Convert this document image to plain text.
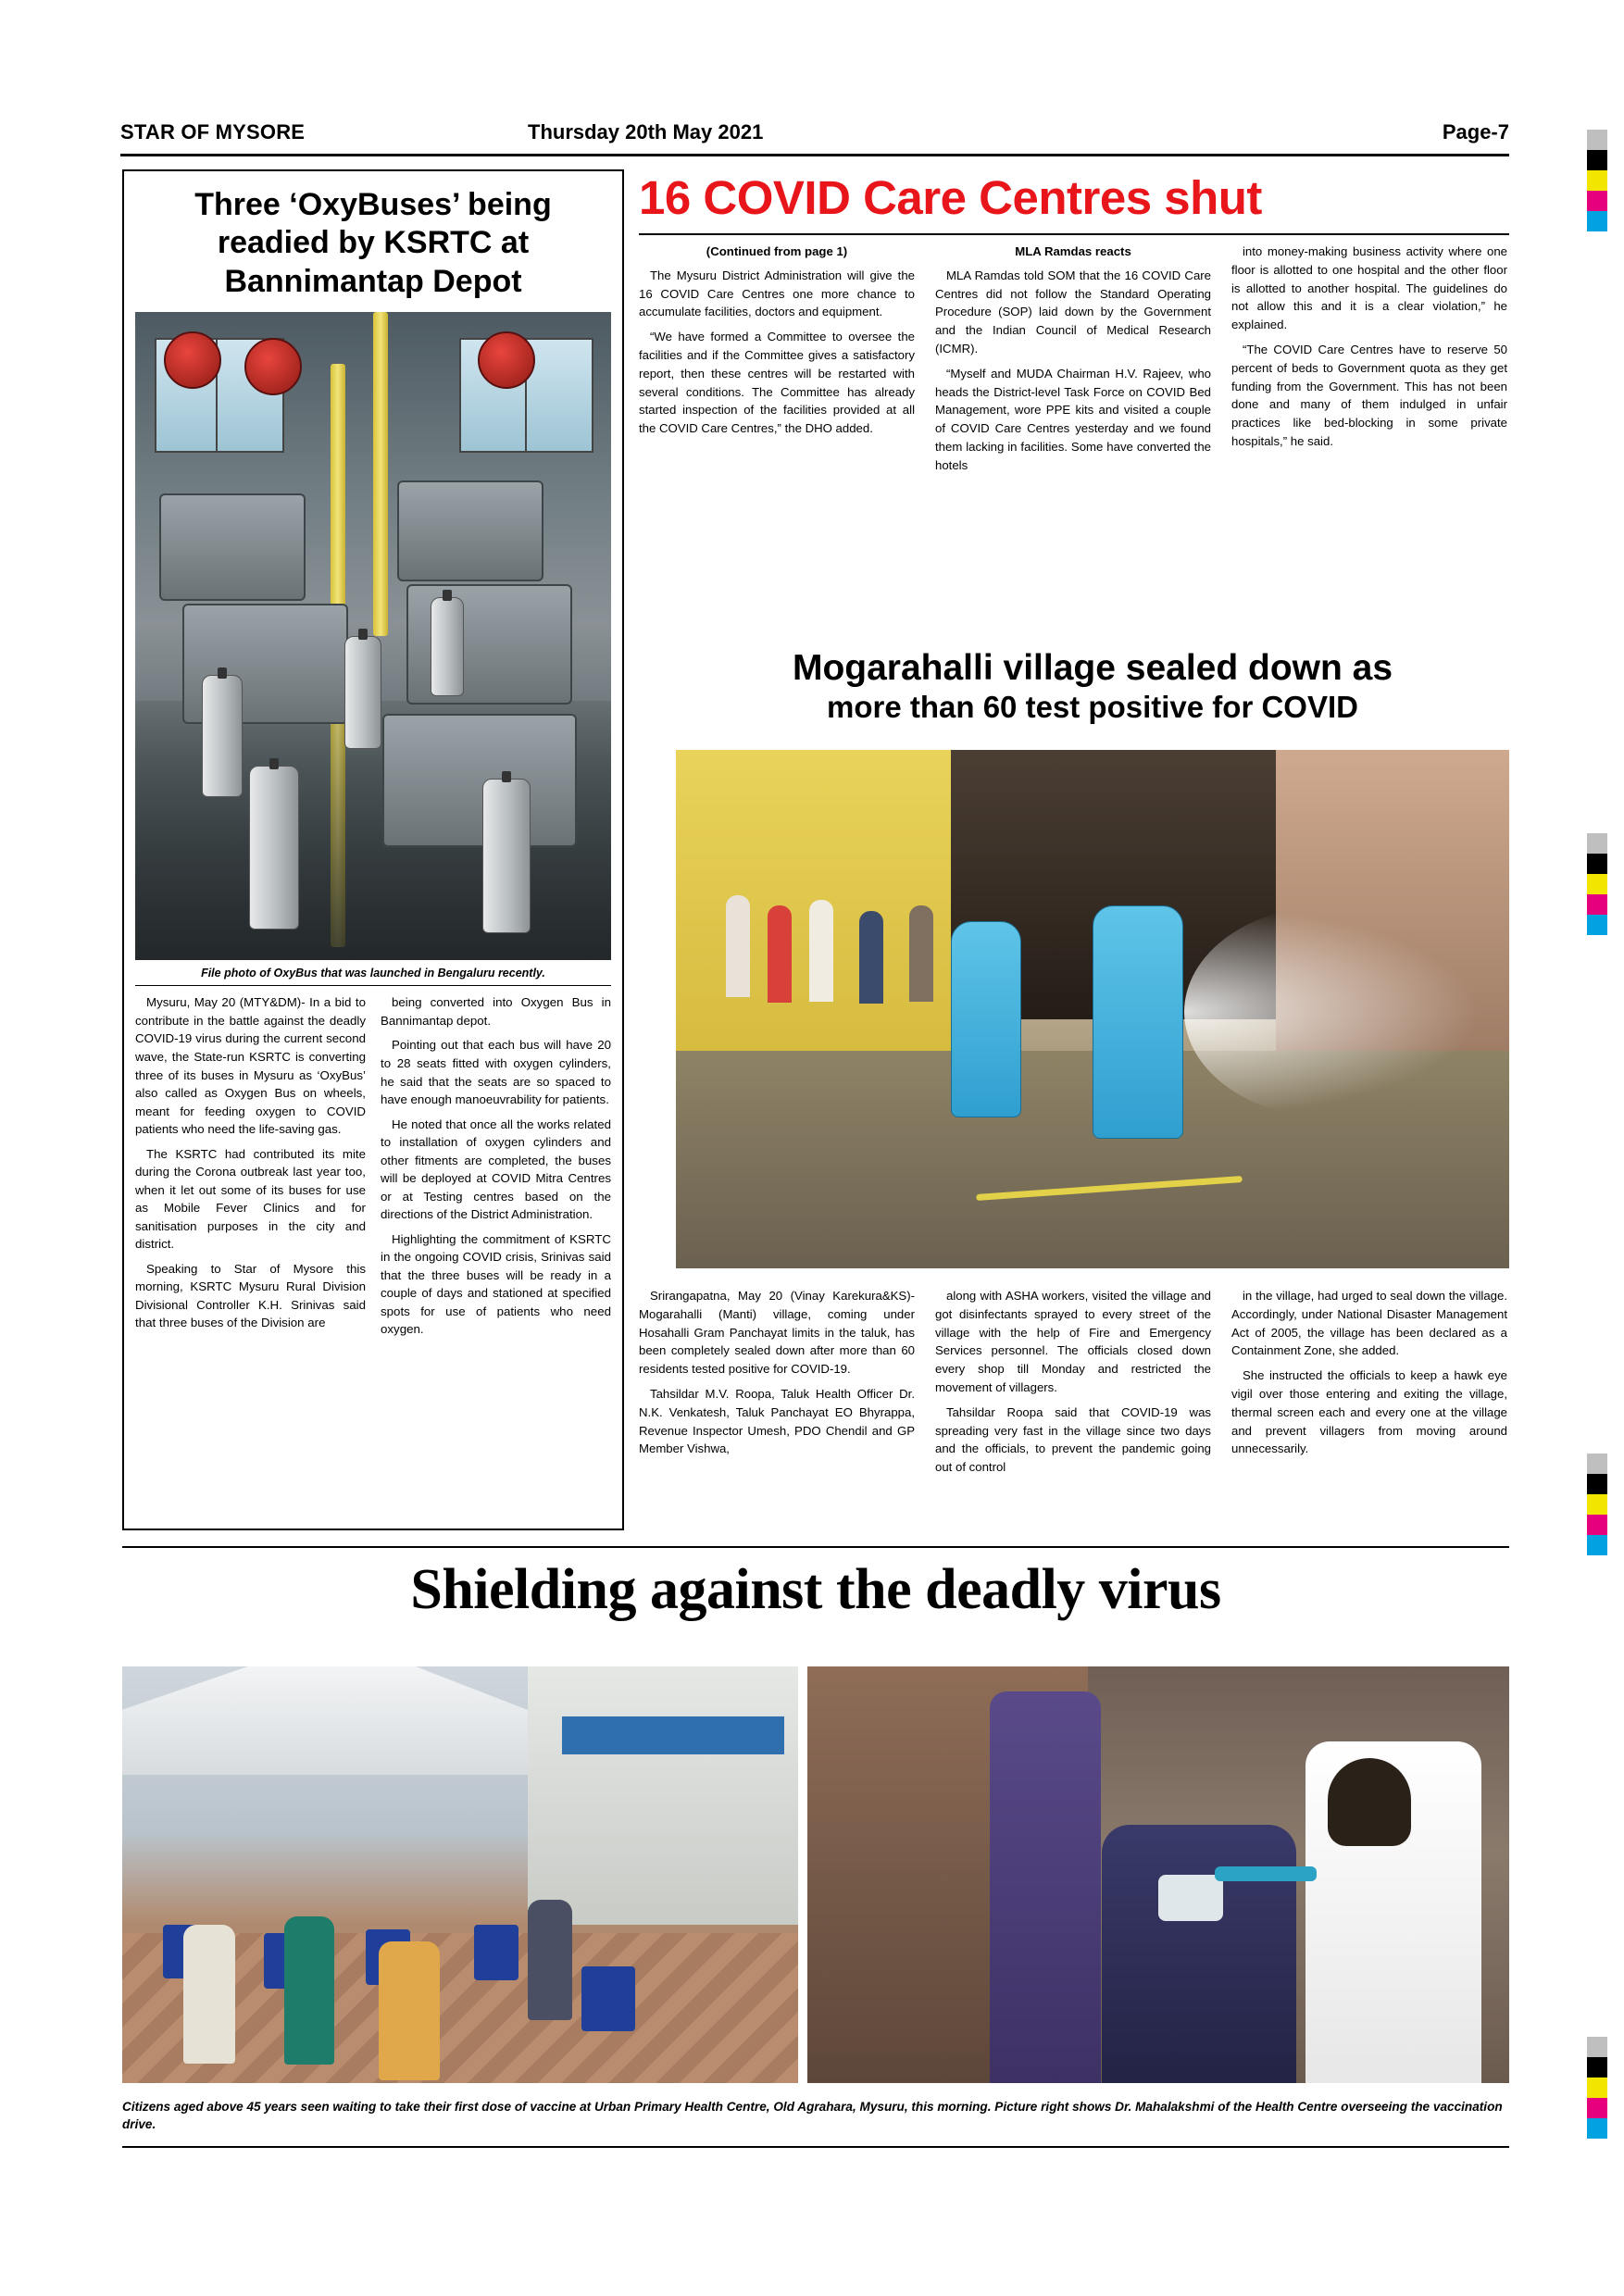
STAR OF MYSORE	Thursday 20th May 2021	Page-7
Three ‘OxyBuses’ being readied by KSRTC at Bannimantap Depot
File photo of OxyBus that was launched in Bengaluru recently.

Mysuru, May 20 (MTY&DM)- In a bid to contribute in the battle against the deadly COVID-19 virus during the current second wave, the State-run KSRTC is converting three of its buses in Mysuru as ‘OxyBus’ also called as Oxygen Bus on wheels, meant for feeding oxygen to COVID patients who need the life-saving gas.

The KSRTC had contributed its mite during the Corona outbreak last year too, when it let out some of its buses for use as Mobile Fever Clinics and for sanitisation purposes in the city and district.

Speaking to Star of Mysore this morning, KSRTC Mysuru Rural Division Divisional Controller K.H. Srinivas said that three buses of the Division are

being converted into Oxygen Bus in Bannimantap depot.

Pointing out that each bus will have 20 to 28 seats fitted with oxygen cylinders, he said that the seats are so spaced to have enough manoeuvrability for patients.

He noted that once all the works related to installation of oxygen cylinders and other fitments are completed, the buses will be deployed at COVID Mitra Centres or at Testing centres based on the directions of the District Administration.

Highlighting the commitment of KSRTC in the ongoing COVID crisis, Srinivas said that the three buses will be ready in a couple of days and stationed at specified spots for use of patients who need oxygen.

16 COVID Care Centres shut
(Continued from page 1)

The Mysuru District Administration will give the 16 COVID Care Centres one more chance to accumulate facilities, doctors and equipment.

“We have formed a Committee to oversee the facilities and if the Committee gives a satisfactory report, then these centres will be restarted with several conditions. The Committee has already started inspection of the facilities provided at all the COVID Care Centres,” the DHO added.

MLA Ramdas reacts

MLA Ramdas told SOM that the 16 COVID Care Centres did not follow the Standard Operating Procedure (SOP) laid down by the Government and the Indian Council of Medical Research (ICMR).

“Myself and MUDA Chairman H.V. Rajeev, who heads the District-level Task Force on COVID Bed Management, wore PPE kits and visited a couple of COVID Care Centres yesterday and we found them lacking in facilities. Some have converted the hotels

into money-making business activity where one floor is allotted to one hospital and the other floor is allotted to another hospital. The guidelines do not allow this and it is a clear violation,” he explained.

“The COVID Care Centres have to reserve 50 percent of beds to Government quota as they get funding from the Government. This has not been done and many of them indulged in unfair practices like bed-blocking in some private hospitals,” he said.

Mogarahalli village sealed down as
more than 60 test positive for COVID

Srirangapatna, May 20 (Vinay Karekura&KS)- Mogarahalli (Manti) village, coming under Hosahalli Gram Panchayat limits in the taluk, has been completely sealed down after more than 60 residents tested positive for COVID-19.

Tahsildar M.V. Roopa, Taluk Health Officer Dr. N.K. Venkatesh, Taluk Panchayat EO Bhyrappa, Revenue Inspector Umesh, PDO Chendil and GP Member Vishwa,

along with ASHA workers, visited the village and got disinfectants sprayed to every street of the village with the help of Fire and Emergency Services personnel. The officials closed down every shop till Monday and restricted the movement of villagers.

Tahsildar Roopa said that COVID-19 was spreading very fast in the village since two days and the officials, to prevent the pandemic going out of control

in the village, had urged to seal down the village. Accordingly, under National Disaster Management Act of 2005, the village has been declared as a Containment Zone, she added.

She instructed the officials to keep a hawk eye vigil over those entering and exiting the village, thermal screen each and every one at the village and prevent villagers from moving around unnecessarily.

Shielding against the deadly virus
Citizens aged above 45 years seen waiting to take their first dose of vaccine at Urban Primary Health Centre, Old Agrahara, Mysuru, this morning. Picture right shows Dr. Mahalakshmi of the Health Centre overseeing the vaccination drive.
